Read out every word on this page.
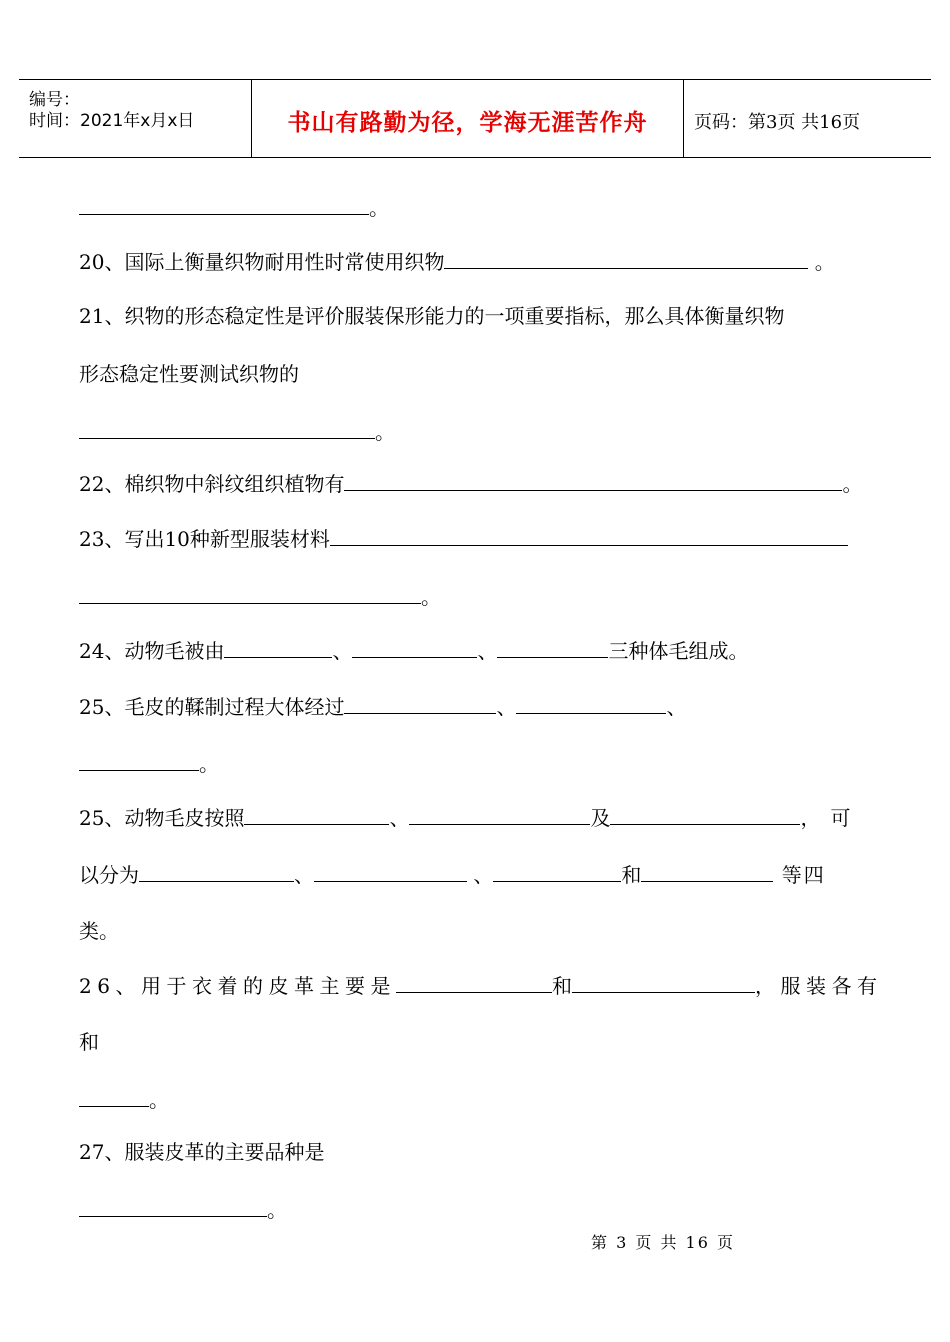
编号：
时间：2021年x月x日	书山有路勤为径，学海无涯苦作舟	页码：第3页 共16页
。
20、国际上衡量织物耐用性时常使用织物	。
21、织物的形态稳定性是评价服装保形能力的一项重要指标，那么具体衡量织物
形态稳定性要测试织物的
。
22、棉织物中斜纹组织植物有	。
23、写出10种新型服装材料
。
24、动物毛被由	、	、	三种体毛组成。
25、毛皮的鞣制过程大体经过	、	、
。
25、动物毛皮按照	、	及	，可
以分为	、	、	和	等四
类。
26、用于衣着的皮革主要是	和	，服装各有
和
。
27、服装皮革的主要品种是
。
第 3 页 共 16 页
